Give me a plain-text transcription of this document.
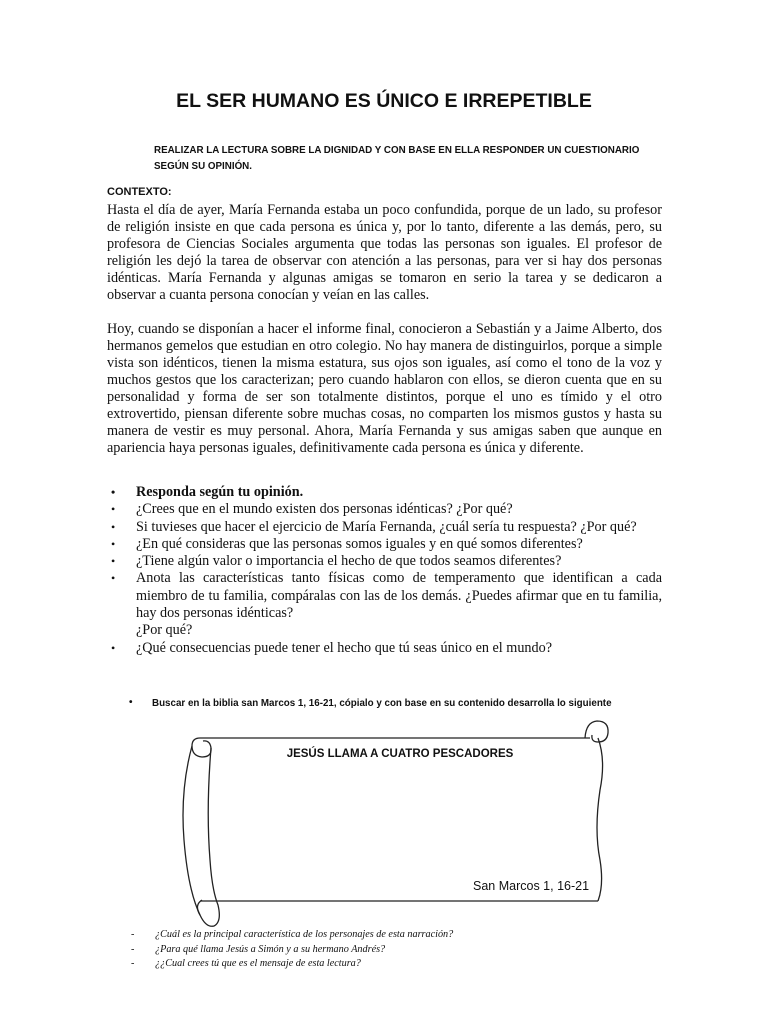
EL SER HUMANO ES ÚNICO E IRREPETIBLE
REALIZAR LA LECTURA SOBRE LA DIGNIDAD Y CON BASE EN ELLA RESPONDER UN CUESTIONARIO SEGÚN SU OPINIÓN.
CONTEXTO:
Hasta el día de ayer, María Fernanda estaba un poco confundida, porque de un lado, su profesor de religión insiste en que cada persona es única y, por lo tanto, diferente a las demás, pero, su profesora de Ciencias Sociales argumenta que todas las personas son iguales. El profesor de religión les dejó la tarea de observar con atención a las personas, para ver si hay dos personas idénticas. María Fernanda y algunas amigas se tomaron en serio la tarea y se dedicaron a observar a cuanta persona conocían y veían en las calles.
Hoy, cuando se disponían a hacer el informe final, conocieron a Sebastián y a Jaime Alberto, dos hermanos gemelos que estudian en otro colegio. No hay manera de distinguirlos, porque a simple vista son idénticos, tienen la misma estatura, sus ojos son iguales, así como el tono de la voz y muchos gestos que los caracterizan; pero cuando hablaron con ellos, se dieron cuenta que en su personalidad y forma de ser son totalmente distintos, porque el uno es tímido y el otro extrovertido, piensan diferente sobre muchas cosas, no comparten los mismos gustos y hasta su manera de vestir es muy personal. Ahora, María Fernanda y sus amigas saben que aunque en apariencia haya personas iguales, definitivamente cada persona es única y diferente.
• Responda según tu opinión.
• ¿Crees que en el mundo existen dos personas idénticas? ¿Por qué?
• Si tuvieses que hacer el ejercicio de María Fernanda, ¿cuál sería tu respuesta? ¿Por qué?
• ¿En qué consideras que las personas somos iguales y en qué somos diferentes?
• ¿Tiene algún valor o importancia el hecho de que todos seamos diferentes?
• Anota las características tanto físicas como de temperamento que identifican a cada miembro de tu familia, compáralas con las de los demás. ¿Puedes afirmar que en tu familia, hay dos personas idénticas?
¿Por qué?
• ¿Qué consecuencias puede tener el hecho que tú seas único en el mundo?
• Buscar en la biblia san Marcos 1, 16-21, cópialo y con base en su contenido desarrolla lo siguiente
JESÚS LLAMA A CUATRO PESCADORES
San Marcos 1, 16-21
- ¿Cuál es la principal característica de los personajes de esta narración?
- ¿Para qué llama Jesús a Simón y a su hermano Andrés?
- ¿¿Cual crees tú que es el mensaje de esta lectura?
